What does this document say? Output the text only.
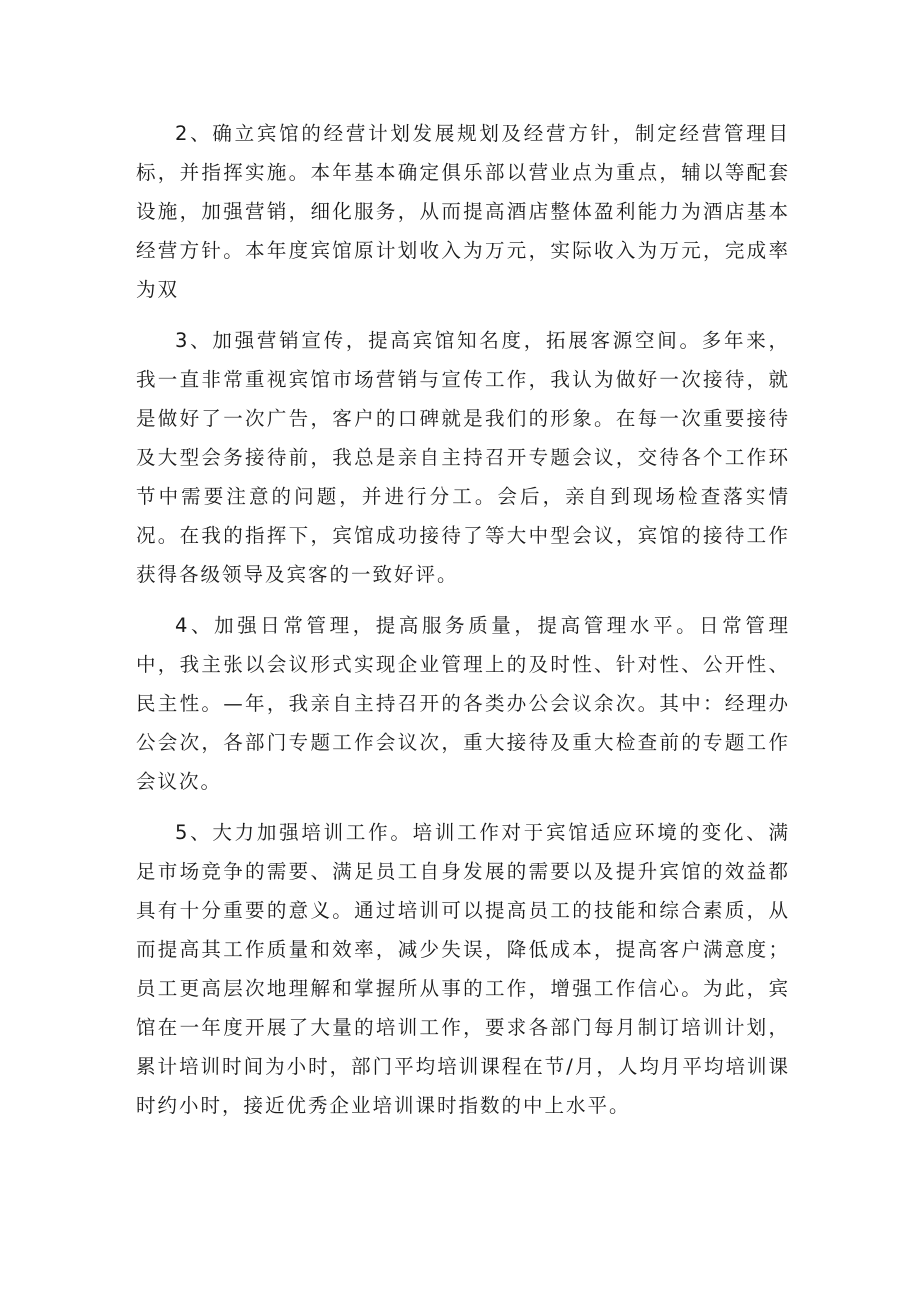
2、确立宾馆的经营计划发展规划及经营方针，制定经营管理目标，并指挥实施。本年基本确定俱乐部以营业点为重点，辅以等配套设施，加强营销，细化服务，从而提高酒店整体盈利能力为酒店基本经营方针。本年度宾馆原计划收入为万元，实际收入为万元，完成率为双

3、加强营销宣传，提高宾馆知名度，拓展客源空间。多年来，我一直非常重视宾馆市场营销与宣传工作，我认为做好一次接待，就是做好了一次广告，客户的口碑就是我们的形象。在每一次重要接待及大型会务接待前，我总是亲自主持召开专题会议，交待各个工作环节中需要注意的问题，并进行分工。会后，亲自到现场检查落实情况。在我的指挥下，宾馆成功接待了等大中型会议，宾馆的接待工作获得各级领导及宾客的一致好评。

4、加强日常管理，提高服务质量，提高管理水平。日常管理中，我主张以会议形式实现企业管理上的及时性、针对性、公开性、民主性。—年，我亲自主持召开的各类办公会议余次。其中：经理办公会次，各部门专题工作会议次，重大接待及重大检查前的专题工作会议次。

5、大力加强培训工作。培训工作对于宾馆适应环境的变化、满足市场竞争的需要、满足员工自身发展的需要以及提升宾馆的效益都具有十分重要的意义。通过培训可以提高员工的技能和综合素质，从而提高其工作质量和效率，减少失误，降低成本，提高客户满意度；员工更高层次地理解和掌握所从事的工作，增强工作信心。为此，宾馆在一年度开展了大量的培训工作，要求各部门每月制订培训计划，累计培训时间为小时，部门平均培训课程在节/月，人均月平均培训课时约小时，接近优秀企业培训课时指数的中上水平。
